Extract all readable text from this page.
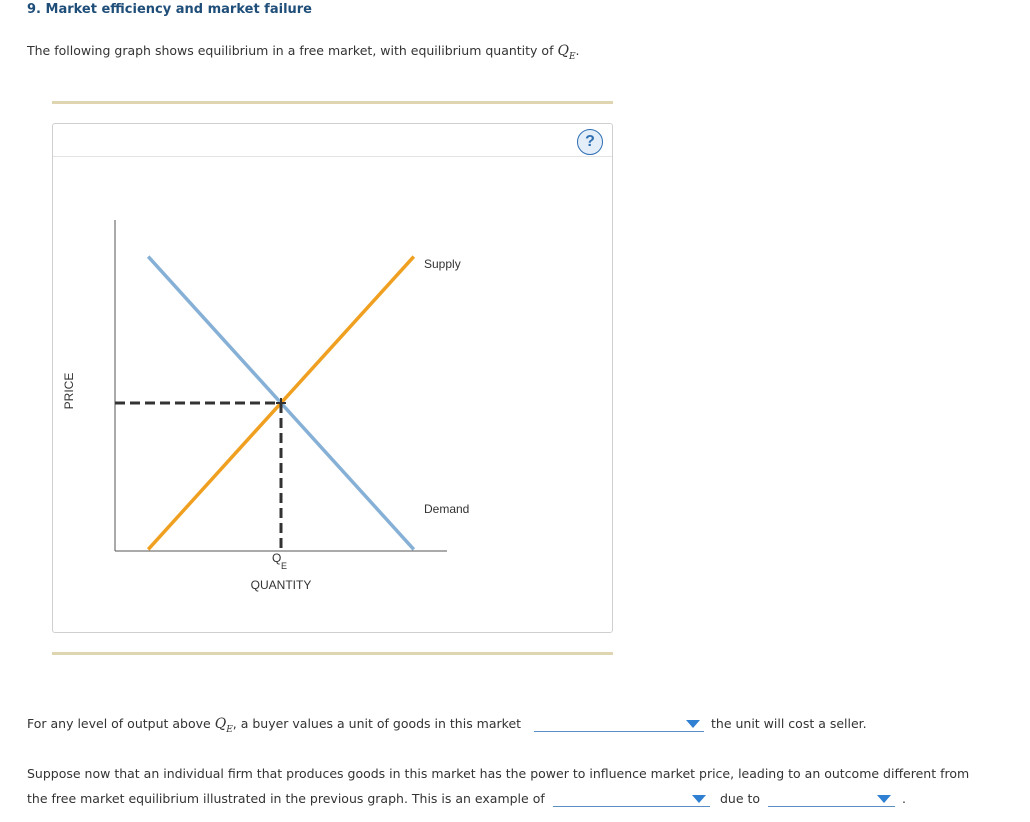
9. Market efficiency and market failure
The following graph shows equilibrium in a free market, with equilibrium quantity of $Q_E$.
?
PRICE
Supply
Demand
Q
E
QUANTITY
For any level of output above $Q_E$, a buyer values a unit of goods in this market	the unit will cost a seller.
Suppose now that an individual firm that produces goods in this market has the power to influence market price, leading to an outcome different from
the free market equilibrium illustrated in the previous graph. This is an example of	due to	.
